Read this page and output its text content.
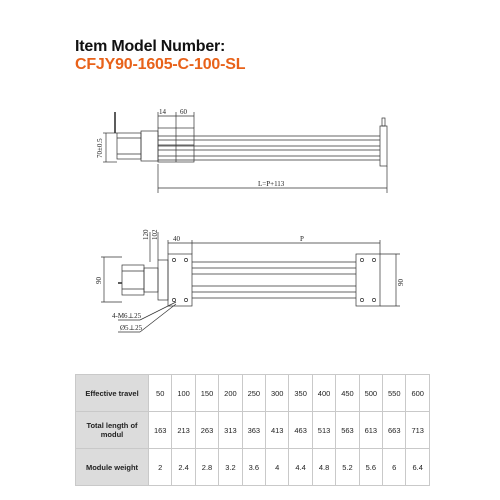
Item Model Number:
CFJY90-1605-C-100-SL
14 60
70±0.5
L=P+113
120 102 40	P
90	90
4-M6⊥25
Ø5⊥25
Effective travel	50	100	150	200	250	300	350	400	450	500	550	600
Total length of modul	163	213	263	313	363	413	463	513	563	613	663	713
Module weight	2	2.4	2.8	3.2	3.6	4	4.4	4.8	5.2	5.6	6	6.4
